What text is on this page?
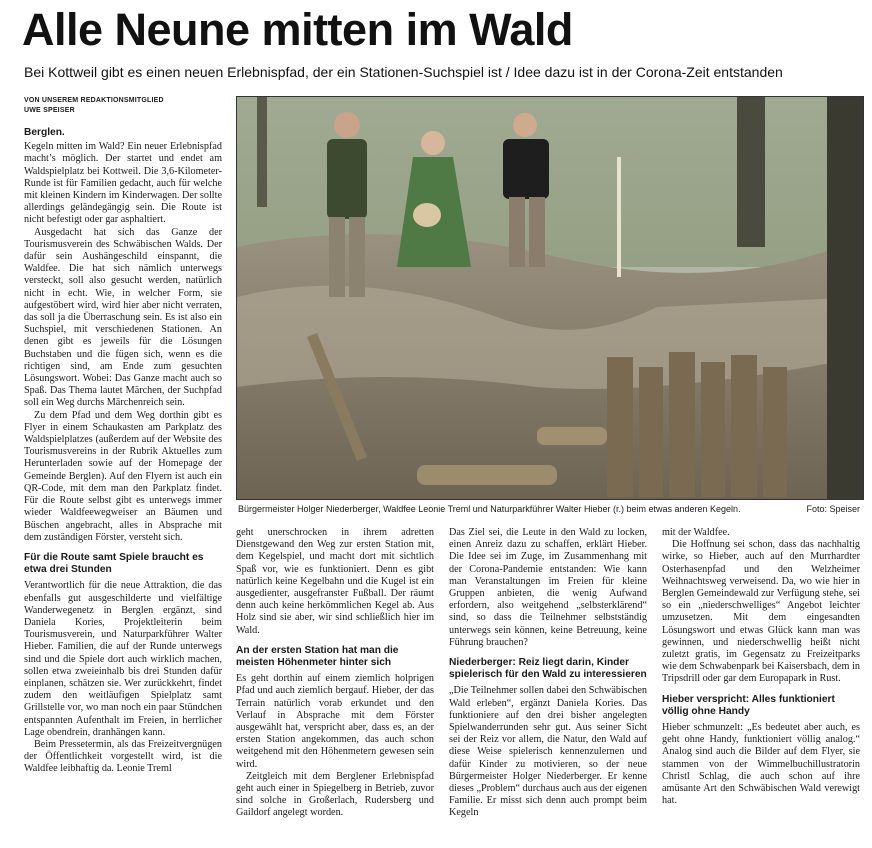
Alle Neune mitten im Wald

Bei Kottweil gibt es einen neuen Erlebnispfad, der ein Stationen-Suchspiel ist / Idee dazu ist in der Corona-Zeit entstanden

VON UNSEREM REDAKTIONSMITGLIED
UWE SPEISER
Berglen.

Kegeln mitten im Wald? Ein neuer Erlebnispfad macht’s möglich. Der startet und endet am Waldspielplatz bei Kottweil. Die 3,6-Kilometer-Runde ist für Familien gedacht, auch für welche mit kleinen Kindern im Kinderwagen. Der sollte allerdings geländegängig sein. Die Route ist nicht befestigt oder gar asphaltiert.

Ausgedacht hat sich das Ganze der Tourismusverein des Schwäbischen Walds. Der dafür sein Aushängeschild einspannt, die Waldfee. Die hat sich nämlich unterwegs versteckt, soll also gesucht werden, natürlich nicht in echt. Wie, in welcher Form, sie aufgestöbert wird, wird hier aber nicht verraten, das soll ja die Überraschung sein. Es ist also ein Suchspiel, mit verschiedenen Stationen. An denen gibt es jeweils für die Lösungen Buchstaben und die fügen sich, wenn es die richtigen sind, am Ende zum gesuchten Lösungswort. Wobei: Das Ganze macht auch so Spaß. Das Thema lautet Märchen, der Suchpfad soll ein Weg durchs Märchenreich sein.

Zu dem Pfad und dem Weg dorthin gibt es Flyer in einem Schaukasten am Parkplatz des Waldspielplatzes (außerdem auf der Website des Tourismusvereins in der Rubrik Aktuelles zum Herunterladen sowie auf der Homepage der Gemeinde Berglen). Auf den Flyern ist auch ein QR-Code, mit dem man den Parkplatz findet. Für die Route selbst gibt es unterwegs immer wieder Waldfeewegweiser an Bäumen und Büschen angebracht, alles in Absprache mit dem zuständigen Förster, versteht sich.

Für die Route samt Spiele braucht es etwa drei Stunden

Verantwortlich für die neue Attraktion, die das ebenfalls gut ausgeschilderte und vielfältige Wanderwegenetz in Berglen ergänzt, sind Daniela Kories, Projektleiterin beim Tourismusverein, und Naturparkführer Walter Hieber. Familien, die auf der Runde unterwegs sind und die Spiele dort auch wirklich machen, sollen etwa zweieinhalb bis drei Stunden dafür einplanen, schätzen sie. Wer zurückkehrt, findet zudem den weitläufigen Spielplatz samt Grillstelle vor, wo man noch ein paar Stündchen entspannten Aufenthalt im Freien, in herrlicher Lage obendrein, dranhängen kann.

Beim Pressetermin, als das Freizeitvergnügen der Öffentlichkeit vorgestellt wird, ist die Waldfee leibhaftig da. Leonie Treml

Bürgermeister Holger Niederberger, Waldfee Leonie Treml und Naturparkführer Walter Hieber (r.) beim etwas anderen Kegeln.	Foto: Speiser

geht unerschrocken in ihrem adretten Dienstgewand den Weg zur ersten Station mit, dem Kegelspiel, und macht dort mit sichtlich Spaß vor, wie es funktioniert. Denn es gibt natürlich keine Kegelbahn und die Kugel ist ein ausgedienter, ausgefranster Fußball. Der räumt denn auch keine herkömmlichen Kegel ab. Aus Holz sind sie aber, wir sind schließlich hier im Wald.

An der ersten Station hat man die meisten Höhenmeter hinter sich

Es geht dorthin auf einem ziemlich holprigen Pfad und auch ziemlich bergauf. Hieber, der das Terrain natürlich vorab erkundet und den Verlauf in Absprache mit dem Förster ausgewählt hat, verspricht aber, dass es, an der ersten Station angekommen, das auch schon weitgehend mit den Höhenmetern gewesen sein wird.

Zeitgleich mit dem Berglener Erlebnispfad geht auch einer in Spiegelberg in Betrieb, zuvor sind solche in Großerlach, Rudersberg und Gaildorf angelegt worden.

Das Ziel sei, die Leute in den Wald zu locken, einen Anreiz dazu zu schaffen, erklärt Hieber. Die Idee sei im Zuge, im Zusammenhang mit der Corona-Pandemie entstanden: Wie kann man Veranstaltungen im Freien für kleine Gruppen anbieten, die wenig Aufwand erfordern, also weitgehend „selbsterklärend“ sind, so dass die Teilnehmer selbstständig unterwegs sein können, keine Betreuung, keine Führung brauchen?

Niederberger: Reiz liegt darin, Kinder spielerisch für den Wald zu interessieren

„Die Teilnehmer sollen dabei den Schwäbischen Wald erleben“, ergänzt Daniela Kories. Das funktioniere auf den drei bisher angelegten Spielwanderrunden sehr gut. Aus seiner Sicht sei der Reiz vor allem, die Natur, den Wald auf diese Weise spielerisch kennenzulernen und dafür Kinder zu motivieren, so der neue Bürgermeister Holger Niederberger. Er kenne dieses „Problem“ durchaus auch aus der eigenen Familie. Er misst sich denn auch prompt beim Kegeln

mit der Waldfee.

Die Hoffnung sei schon, dass das nachhaltig wirke, so Hieber, auch auf den Murrhardter Osterhasenpfad und den Welzheimer Weihnachtsweg verweisend. Da, wo wie hier in Berglen Gemeindewald zur Verfügung stehe, sei so ein „niederschwelliges“ Angebot leichter umzusetzen. Mit dem eingesandten Lösungswort und etwas Glück kann man was gewinnen, und niederschwellig heißt nicht zuletzt gratis, im Gegensatz zu Freizeitparks wie dem Schwabenpark bei Kaisersbach, dem in Tripsdrill oder gar dem Europapark in Rust.

Hieber verspricht: Alles funktioniert völlig ohne Handy

Hieber schmunzelt: „Es bedeutet aber auch, es geht ohne Handy, funktioniert völlig analog.“ Analog sind auch die Bilder auf dem Flyer, sie stammen von der Wimmelbuchillustratorin Christl Schlag, die auch schon auf ihre amüsante Art den Schwäbischen Wald verewigt hat.
